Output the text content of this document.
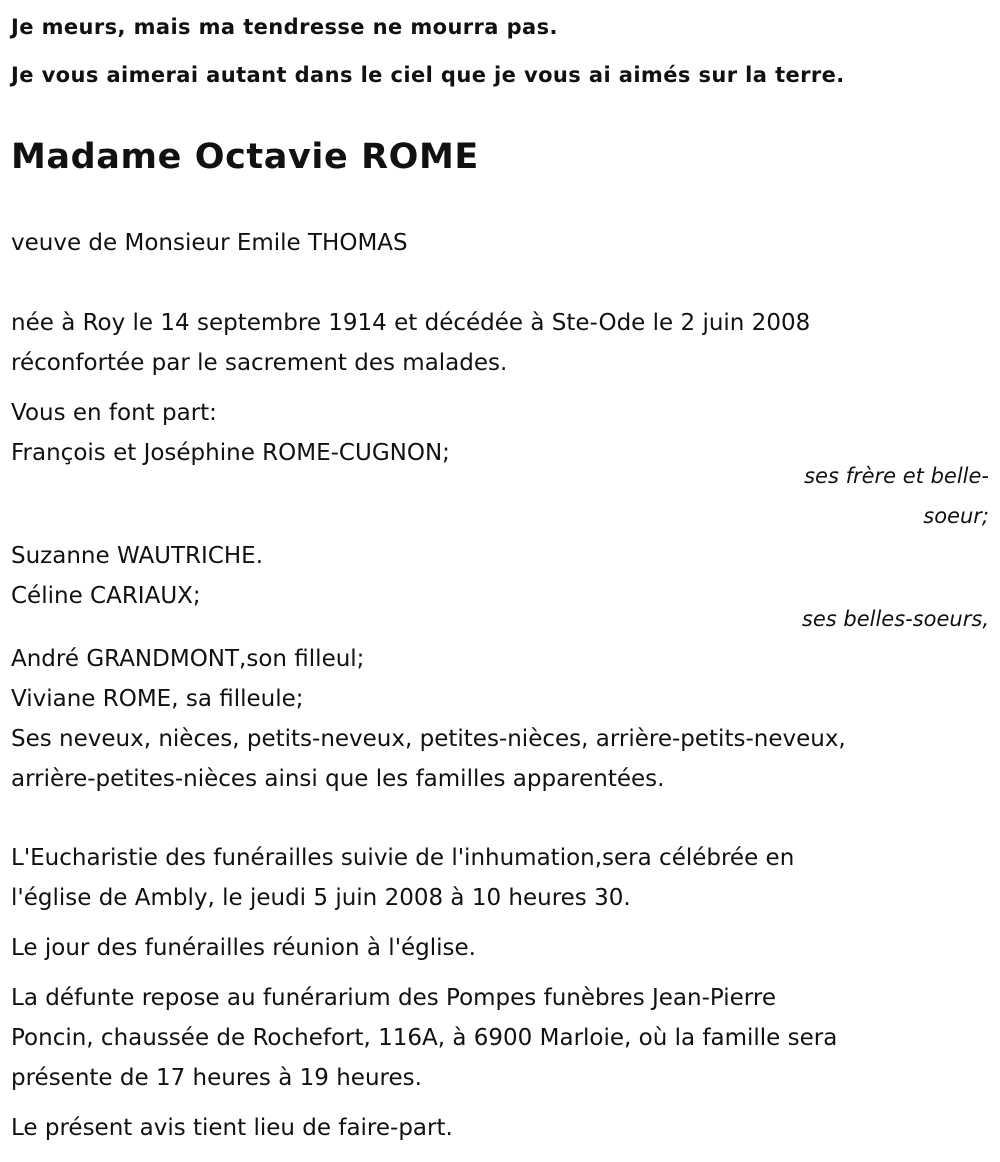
Je meurs, mais ma tendresse ne mourra pas.
Je vous aimerai autant dans le ciel que je vous ai aimés sur la terre.
Madame Octavie ROME
veuve de Monsieur Emile THOMAS
née à Roy le 14 septembre 1914 et décédée à Ste-Ode le 2 juin 2008
réconfortée par le sacrement des malades.
Vous en font part:
François et Joséphine ROME-CUGNON;
ses frère et belle-
soeur;
Suzanne WAUTRICHE.
Céline CARIAUX;
ses belles-soeurs,
André GRANDMONT,son filleul;
Viviane ROME, sa filleule;
Ses neveux, nièces, petits-neveux, petites-nièces, arrière-petits-neveux,
arrière-petites-nièces ainsi que les familles apparentées.
L'Eucharistie des funérailles suivie de l'inhumation,sera célébrée en
l'église de Ambly, le jeudi 5 juin 2008 à 10 heures 30.
Le jour des funérailles réunion à l'église.
La défunte repose au funérarium des Pompes funèbres Jean-Pierre
Poncin, chaussée de Rochefort, 116A, à 6900 Marloie, où la famille sera
présente de 17 heures à 19 heures.
Le présent avis tient lieu de faire-part.
